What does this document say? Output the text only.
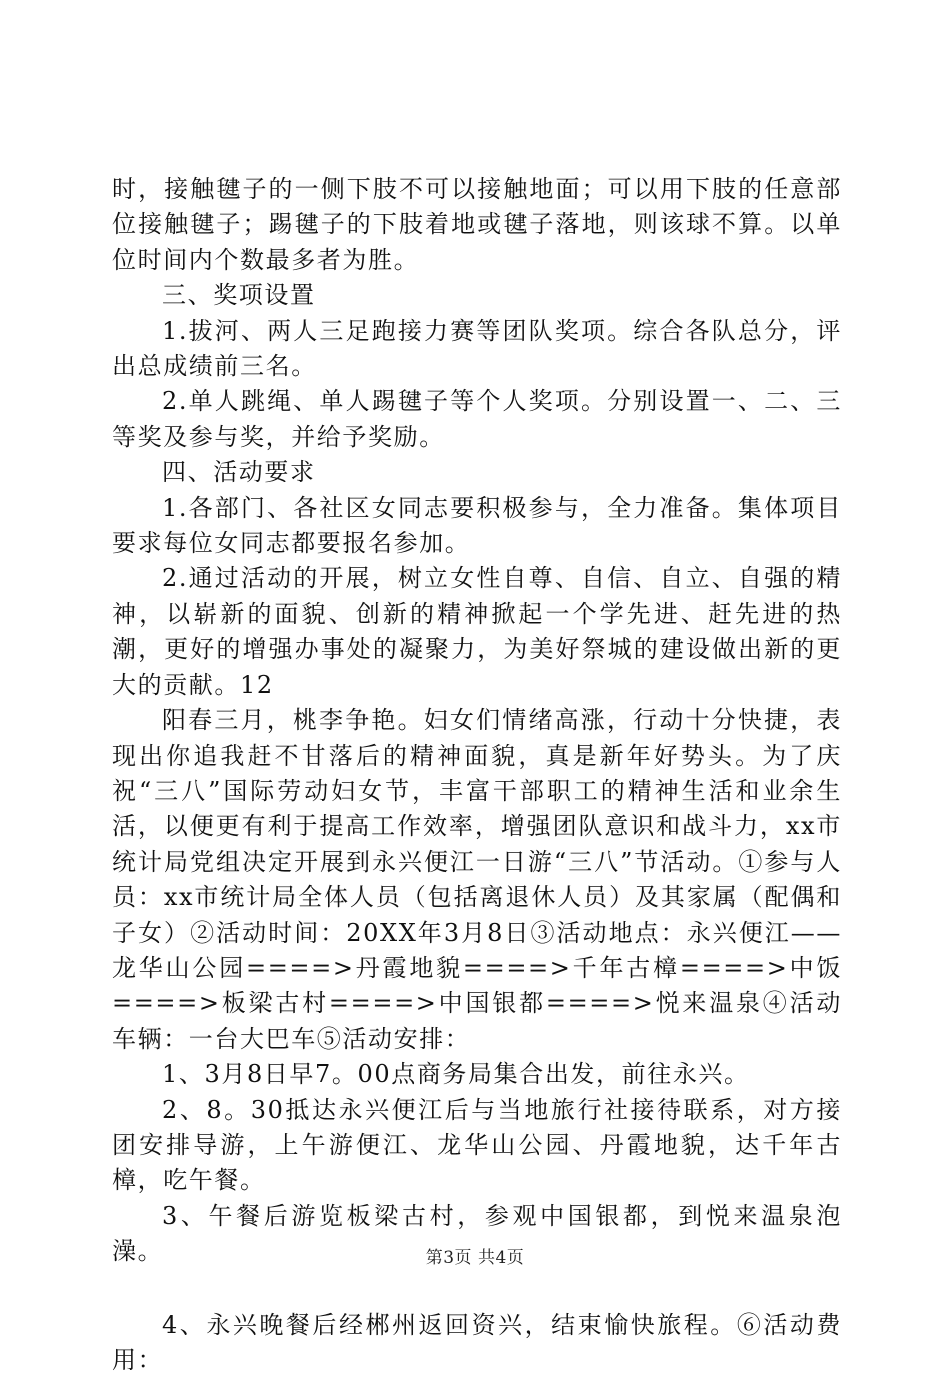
时，接触毽子的一侧下肢不可以接触地面；可以用下肢的任意部位接触毽子；踢毽子的下肢着地或毽子落地，则该球不算。以单位时间内个数最多者为胜。

三、奖项设置

1.拔河、两人三足跑接力赛等团队奖项。综合各队总分，评出总成绩前三名。

2.单人跳绳、单人踢毽子等个人奖项。分别设置一、二、三等奖及参与奖，并给予奖励。

四、活动要求

1.各部门、各社区女同志要积极参与，全力准备。集体项目要求每位女同志都要报名参加。

2.通过活动的开展，树立女性自尊、自信、自立、自强的精神，以崭新的面貌、创新的精神掀起一个学先进、赶先进的热潮，更好的增强办事处的凝聚力，为美好祭城的建设做出新的更大的贡献。12

阳春三月，桃李争艳。妇女们情绪高涨，行动十分快捷，表现出你追我赶不甘落后的精神面貌，真是新年好势头。为了庆祝“三八”国际劳动妇女节，丰富干部职工的精神生活和业余生活，以便更有利于提高工作效率，增强团队意识和战斗力，xx市统计局党组决定开展到永兴便江一日游“三八”节活动。①参与人员：xx市统计局全体人员（包括离退休人员）及其家属（配偶和子女）②活动时间：20XX年3月8日③活动地点：永兴便江——龙华山公园====>丹霞地貌====>千年古樟====>中饭====>板梁古村====>中国银都====>悦来温泉④活动车辆：一台大巴车⑤活动安排：

1、3月8日早7。00点商务局集合出发，前往永兴。

2、8。30抵达永兴便江后与当地旅行社接待联系，对方接团安排导游，上午游便江、龙华山公园、丹霞地貌，达千年古樟，吃午餐。

3、午餐后游览板梁古村，参观中国银都，到悦来温泉泡澡。

4、永兴晚餐后经郴州返回资兴，结束愉快旅程。⑥活动费用：

第3页 共4页
